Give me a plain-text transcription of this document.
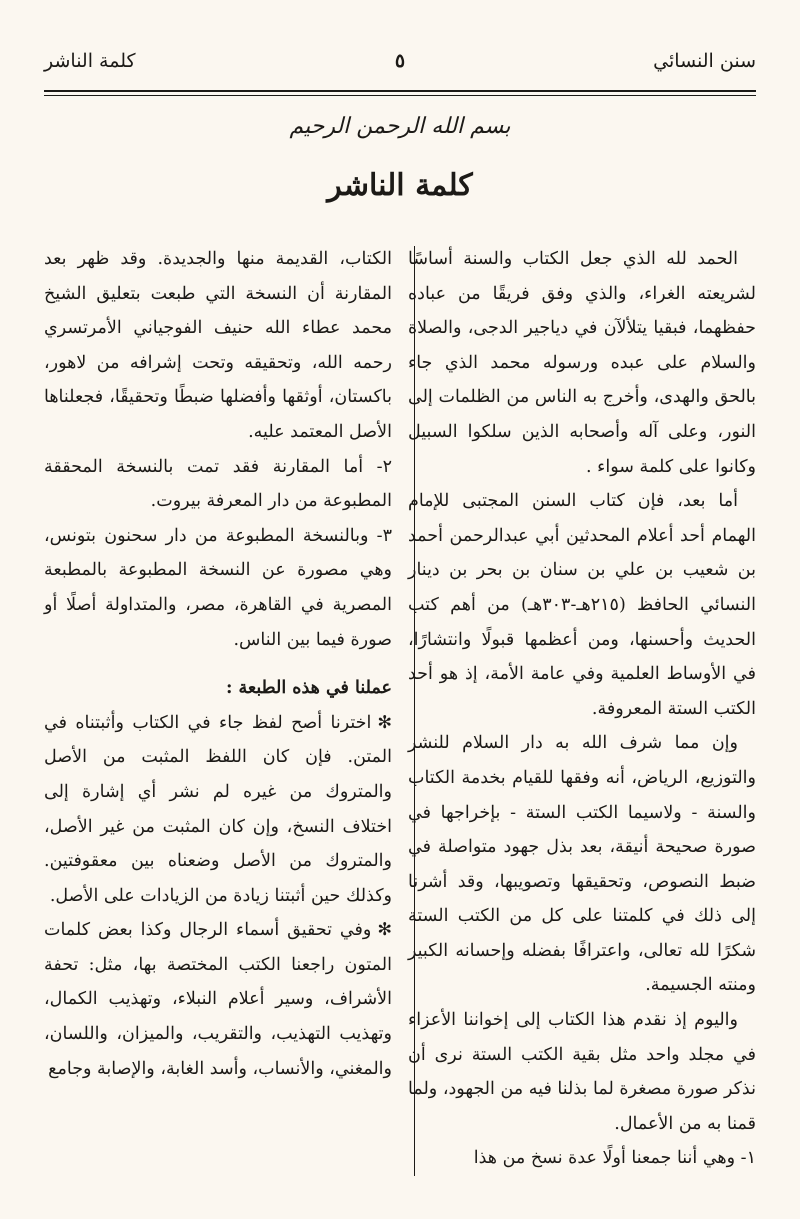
سنن النسائي
٥
كلمة الناشر
بسم الله الرحمن الرحيم
كلمة الناشر

الحمد لله الذي جعل الكتاب والسنة أساسًا لشريعته الغراء، والذي وفق فريقًا من عباده حفظهما، فبقيا يتلألآن في دياجير الدجى، والصلاة والسلام على عبده ورسوله محمد الذي جاء بالحق والهدى، وأخرج به الناس من الظلمات إلى النور، وعلى آله وأصحابه الذين سلكوا السبيل وكانوا على كلمة سواء .

أما بعد، فإن كتاب السنن المجتبى للإمام الهمام أحد أعلام المحدثين أبي عبدالرحمن أحمد بن شعيب بن علي بن سنان بن بحر بن دينار النسائي الحافظ (٢١٥هـ-٣٠٣هـ) من أهم كتب الحديث وأحسنها، ومن أعظمها قبولًا وانتشارًا، في الأوساط العلمية وفي عامة الأمة، إذ هو أحد الكتب الستة المعروفة.

وإن مما شرف الله به دار السلام للنشر والتوزيع، الرياض، أنه وفقها للقيام بخدمة الكتاب والسنة - ولاسيما الكتب الستة - بإخراجها في صورة صحيحة أنيقة، بعد بذل جهود متواصلة في ضبط النصوص، وتحقيقها وتصويبها، وقد أشرنا إلى ذلك في كلمتنا على كل من الكتب الستة شكرًا لله تعالى، واعترافًا بفضله وإحسانه الكبير ومنته الجسيمة.

واليوم إذ نقدم هذا الكتاب إلى إخواننا الأعزاء في مجلد واحد مثل بقية الكتب الستة نرى أن نذكر صورة مصغرة لما بذلنا فيه من الجهود، ولما قمنا به من الأعمال.

١- وهي أننا جمعنا أولًا عدة نسخ من هذا

الكتاب، القديمة منها والجديدة. وقد ظهر بعد المقارنة أن النسخة التي طبعت بتعليق الشيخ محمد عطاء الله حنيف الفوجياني الأمرتسري رحمه الله، وتحقيقه وتحت إشرافه من لاهور، باكستان، أوثقها وأفضلها ضبطًا وتحقيقًا، فجعلناها الأصل المعتمد عليه.

٢- أما المقارنة فقد تمت بالنسخة المحققة المطبوعة من دار المعرفة بيروت.

٣- وبالنسخة المطبوعة من دار سحنون بتونس، وهي مصورة عن النسخة المطبوعة بالمطبعة المصرية في القاهرة، مصر، والمتداولة أصلًا أو صورة فيما بين الناس.

عملنا في هذه الطبعة :

✻ اخترنا أصح لفظ جاء في الكتاب وأثبتناه في المتن. فإن كان اللفظ المثبت من الأصل والمتروك من غيره لم نشر أي إشارة إلى اختلاف النسخ، وإن كان المثبت من غير الأصل، والمتروك من الأصل وضعناه بين معقوفتين. وكذلك حين أثبتنا زيادة من الزيادات على الأصل.

✻ وفي تحقيق أسماء الرجال وكذا بعض كلمات المتون راجعنا الكتب المختصة بها، مثل: تحفة الأشراف، وسير أعلام النبلاء، وتهذيب الكمال، وتهذيب التهذيب، والتقريب، والميزان، واللسان، والمغني، والأنساب، وأسد الغابة، والإصابة وجامع
